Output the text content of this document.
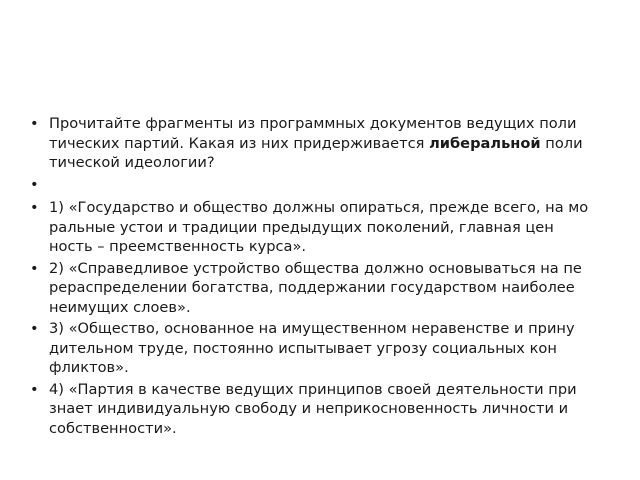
• Прочитайте фрагменты из программных документов ведущих поли
тических партий. Какая из них придерживается либеральной поли
тической идеологии?
•
• 1) «Государство и общество должны опираться, прежде всего, на мо
ральные устои и традиции предыдущих поколений, главная цен
ность – преемственность курса».
• 2) «Справедливое устройство общества должно основываться на пе
рераспределении богатства, поддержании государством наиболее
неимущих слоев».
• 3) «Общество, основанное на имущественном неравенстве и прину
дительном труде, постоянно испытывает угрозу социальных кон
фликтов».
• 4) «Партия в качестве ведущих принципов своей деятельности при
знает индивидуальную свободу и неприкосновенность личности и
собственности».
